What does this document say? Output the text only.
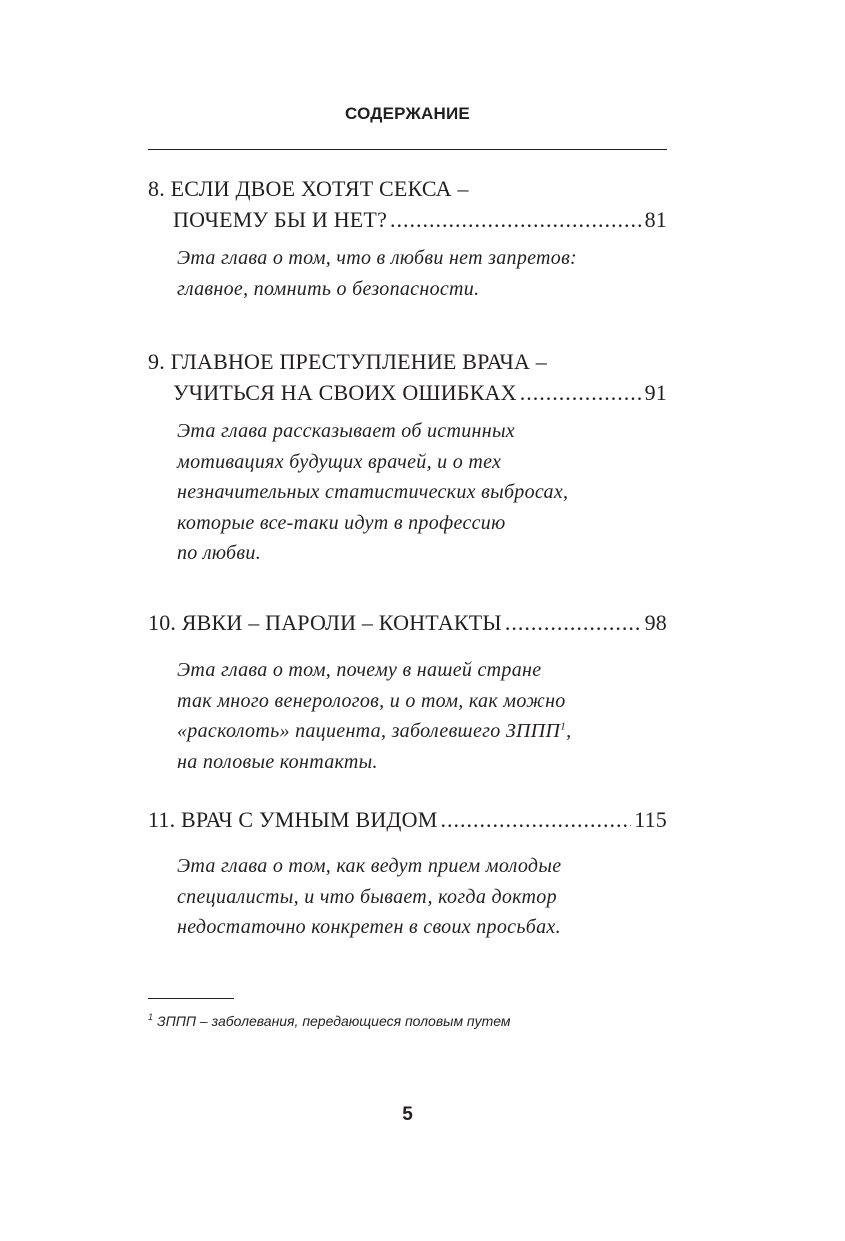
СОДЕРЖАНИЕ
8. ЕСЛИ ДВОЕ ХОТЯТ СЕКСА –
ПОЧЕМУ БЫ И НЕТ? .....	81
Эта глава о том, что в любви нет запретов:
главное, помнить о безопасности.
9. ГЛАВНОЕ ПРЕСТУПЛЕНИЕ ВРАЧА –
УЧИТЬСЯ НА СВОИХ ОШИБКАХ .....	91
Эта глава рассказывает об истинных
мотивациях будущих врачей, и о тех
незначительных статистических выбросах,
которые все-таки идут в профессию
по любви.
10. ЯВКИ – ПАРОЛИ – КОНТАКТЫ .....	98
Эта глава о том, почему в нашей стране
так много венерологов, и о том, как можно
«расколоть» пациента, заболевшего ЗППП$^1$,
на половые контакты.
11. ВРАЧ С УМНЫМ ВИДОМ .....	115
Эта глава о том, как ведут прием молодые
специалисты, и что бывает, когда доктор
недостаточно конкретен в своих просьбах.
$^1$ ЗППП – заболевания, передающиеся половым путем
5
